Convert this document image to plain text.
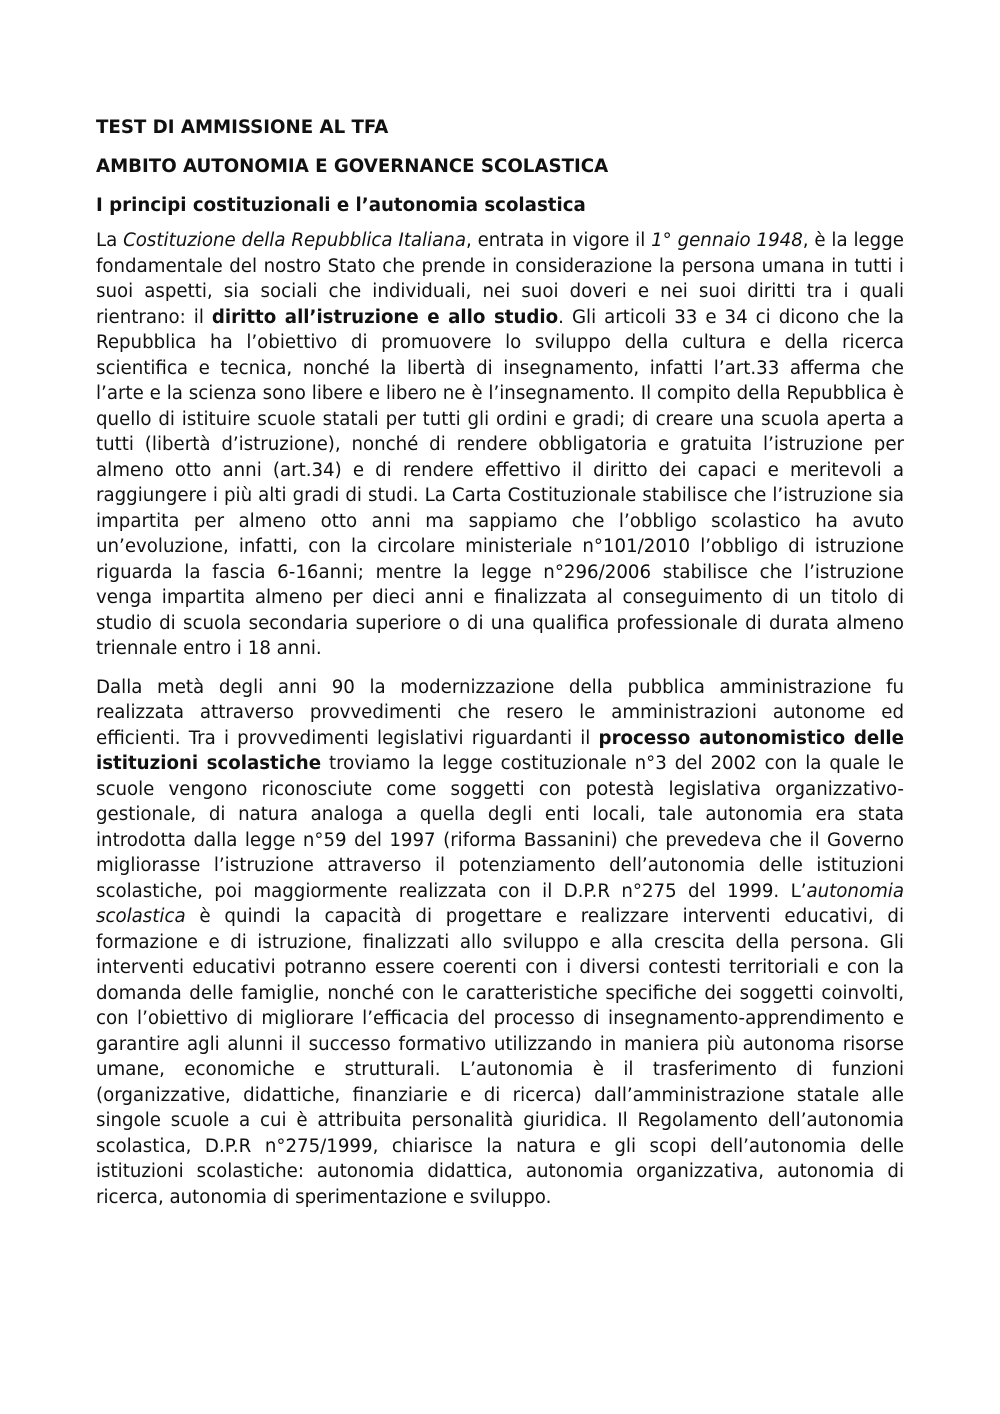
TEST DI AMMISSIONE AL TFA
AMBITO AUTONOMIA E GOVERNANCE SCOLASTICA
I principi costituzionali e l’autonomia scolastica

La Costituzione della Repubblica Italiana, entrata in vigore il 1° gennaio 1948, è la legge fondamentale del nostro Stato che prende in considerazione la persona umana in tutti i suoi aspetti, sia sociali che individuali, nei suoi doveri e nei suoi diritti tra i quali rientrano: il diritto all’istruzione e allo studio. Gli articoli 33 e 34 ci dicono che la Repubblica ha l’obiettivo di promuovere lo sviluppo della cultura e della ricerca scientifica e tecnica, nonché la libertà di insegnamento, infatti l’art.33 afferma che l’arte e la scienza sono libere e libero ne è l’insegnamento. Il compito della Repubblica è quello di istituire scuole statali per tutti gli ordini e gradi; di creare una scuola aperta a tutti (libertà d’istruzione), nonché di rendere obbligatoria e gratuita l’istruzione per almeno otto anni (art.34) e di rendere effettivo il diritto dei capaci e meritevoli a raggiungere i più alti gradi di studi. La Carta Costituzionale stabilisce che l’istruzione sia impartita per almeno otto anni ma sappiamo che l’obbligo scolastico ha avuto un’evoluzione, infatti, con la circolare ministeriale n°101/2010 l’obbligo di istruzione riguarda la fascia 6-16anni; mentre la legge n°296/2006 stabilisce che l’istruzione venga impartita almeno per dieci anni e finalizzata al conseguimento di un titolo di studio di scuola secondaria superiore o di una qualifica professionale di durata almeno triennale entro i 18 anni.

Dalla metà degli anni 90 la modernizzazione della pubblica amministrazione fu realizzata attraverso provvedimenti che resero le amministrazioni autonome ed efficienti. Tra i provvedimenti legislativi riguardanti il processo autonomistico delle istituzioni scolastiche troviamo la legge costituzionale n°3 del 2002 con la quale le scuole vengono riconosciute come soggetti con potestà legislativa organizzativo-gestionale, di natura analoga a quella degli enti locali, tale autonomia era stata introdotta dalla legge n°59 del 1997 (riforma Bassanini) che prevedeva che il Governo migliorasse l’istruzione attraverso il potenziamento dell’autonomia delle istituzioni scolastiche, poi maggiormente realizzata con il D.P.R n°275 del 1999. L’autonomia scolastica è quindi la capacità di progettare e realizzare interventi educativi, di formazione e di istruzione, finalizzati allo sviluppo e alla crescita della persona. Gli interventi educativi potranno essere coerenti con i diversi contesti territoriali e con la domanda delle famiglie, nonché con le caratteristiche specifiche dei soggetti coinvolti, con l’obiettivo di migliorare l’efficacia del processo di insegnamento-apprendimento e garantire agli alunni il successo formativo utilizzando in maniera più autonoma risorse umane, economiche e strutturali. L’autonomia è il trasferimento di funzioni (organizzative, didattiche, finanziarie e di ricerca) dall’amministrazione statale alle singole scuole a cui è attribuita personalità giuridica. Il Regolamento dell’autonomia scolastica, D.P.R n°275/1999, chiarisce la natura e gli scopi dell’autonomia delle istituzioni scolastiche: autonomia didattica, autonomia organizzativa, autonomia di ricerca, autonomia di sperimentazione e sviluppo.
